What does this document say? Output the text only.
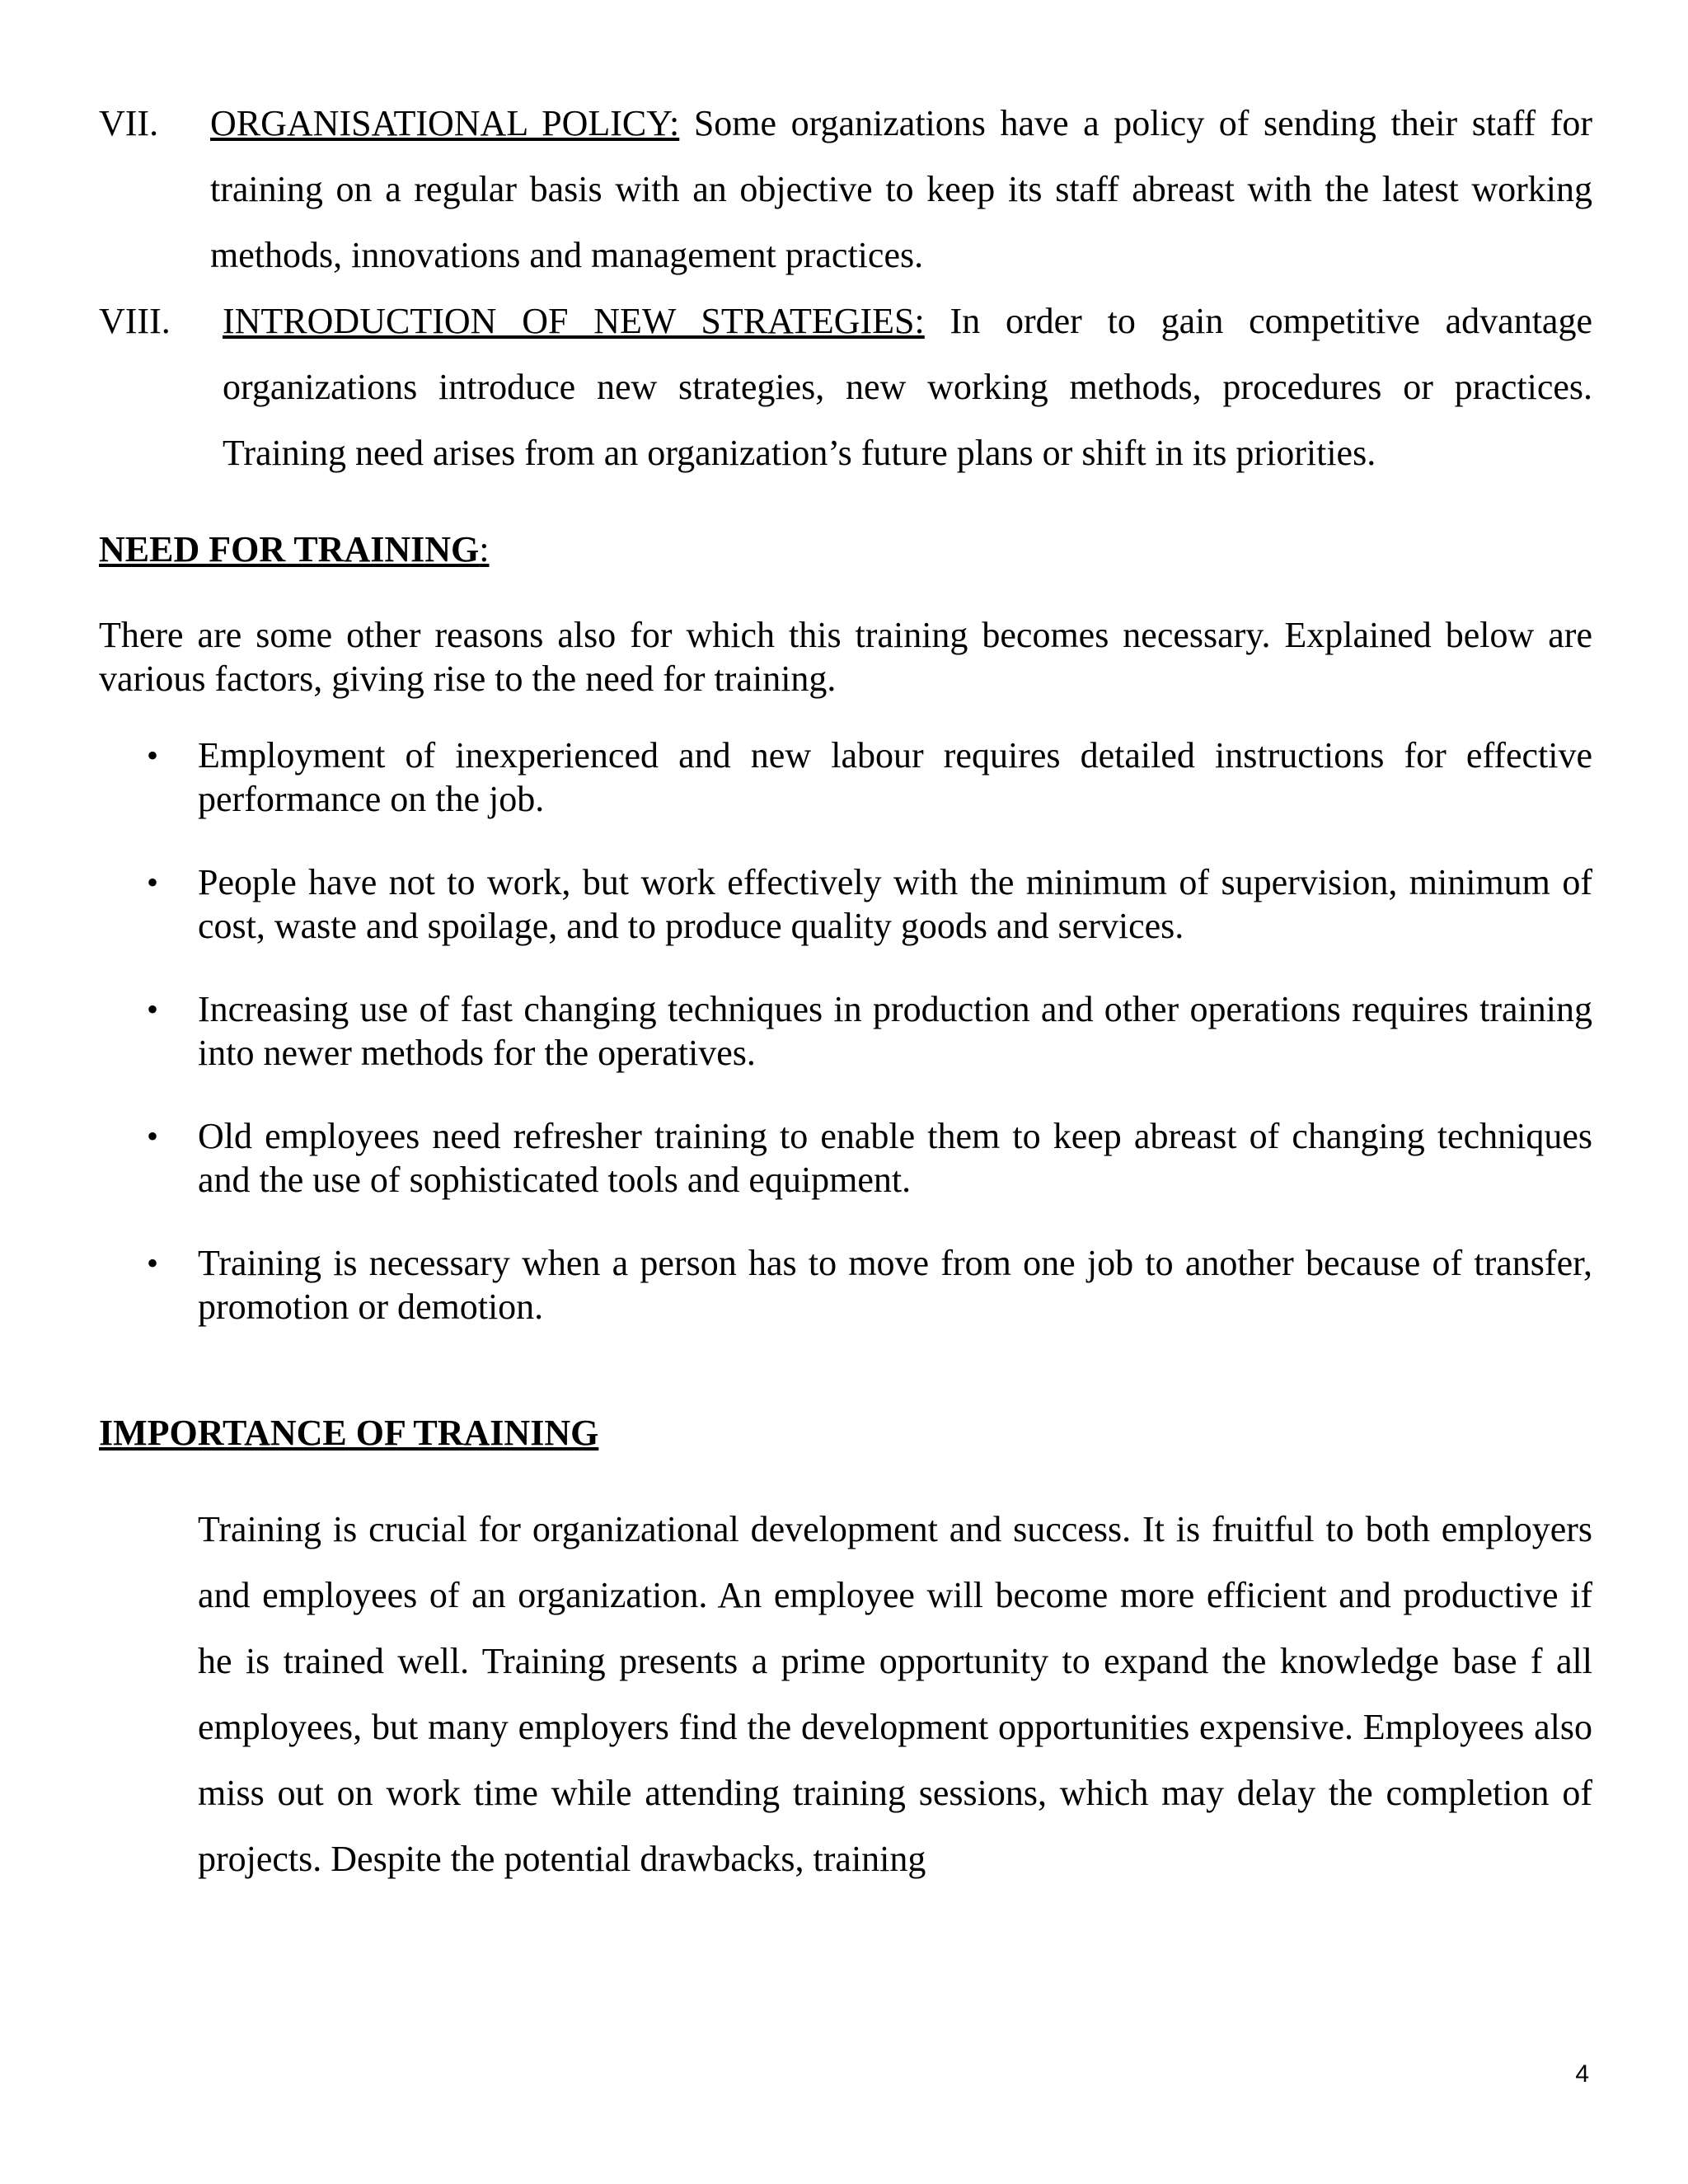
VII.	ORGANISATIONAL POLICY: Some organizations have a policy of sending their staff for training on a regular basis with an objective to keep its staff abreast with the latest working methods, innovations and management practices.
VIII.	INTRODUCTION OF NEW STRATEGIES: In order to gain competitive advantage organizations introduce new strategies, new working methods, procedures or practices. Training need arises from an organization’s future plans or shift in its priorities.
NEED FOR TRAINING:

There are some other reasons also for which this training becomes necessary. Explained below are various factors, giving rise to the need for training.

• Employment of inexperienced and new labour requires detailed instructions for effective performance on the job.
• People have not to work, but work effectively with the minimum of supervision, minimum of cost, waste and spoilage, and to produce quality goods and services.
• Increasing use of fast changing techniques in production and other operations requires training into newer methods for the operatives.
• Old employees need refresher training to enable them to keep abreast of changing techniques and the use of sophisticated tools and equipment.
• Training is necessary when a person has to move from one job to another because of transfer, promotion or demotion.
IMPORTANCE OF TRAINING

Training is crucial for organizational development and success. It is fruitful to both employers and employees of an organization. An employee will become more efficient and productive if he is trained well. Training presents a prime opportunity to expand the knowledge base f all employees, but many employers find the development opportunities expensive. Employees also miss out on work time while attending training sessions, which may delay the completion of projects. Despite the potential drawbacks, training

4
